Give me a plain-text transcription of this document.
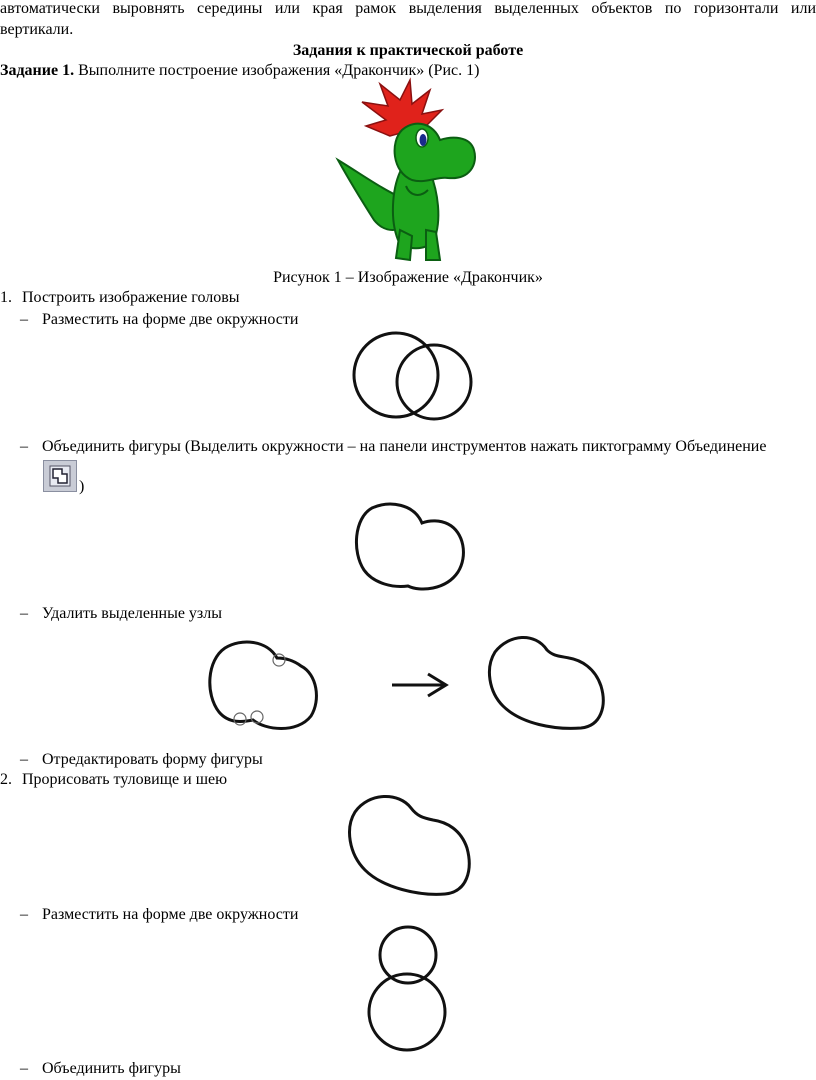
автоматически выровнять середины или края рамок выделения выделенных объектов по горизонтали или
вертикали.
Задания к практической работе
Задание 1. Выполните построение изображения «Дракончик» (Рис. 1)
Рисунок 1 – Изображение «Дракончик»
1. Построить изображение головы
– Разместить на форме две окружности
– Объединить фигуры (Выделить окружности – на панели инструментов нажать пиктограмму Объединение
)
– Удалить выделенные узлы
– Отредактировать форму фигуры
2. Прорисовать туловище и шею
– Разместить на форме две окружности
– Объединить фигуры
